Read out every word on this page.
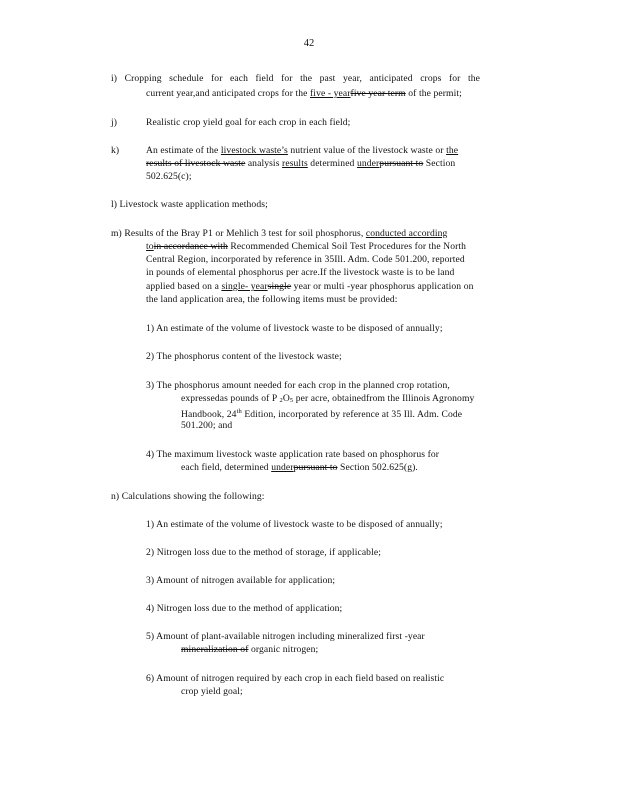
42
i) Cropping schedule for each field for the past year, anticipated crops for the
current year,and anticipated crops for the five - yearfive year term of the permit;
j)	Realistic crop yield goal for each crop in each field;
k)	An estimate of the livestock waste’s nutrient value of the livestock waste or the
results of livestock waste analysis results determined underpursuant to Section
502.625(c);
l) Livestock waste application methods;
m) Results of the Bray P1 or Mehlich 3 test for soil phosphorus, conducted according
toin accordance with Recommended Chemical Soil Test Procedures for the North
Central Region, incorporated by reference in 35Ill. Adm. Code 501.200, reported
in pounds of elemental phosphorus per acre.If the livestock waste is to be land
applied based on a single- yearsingle year or multi -year phosphorus application on
the land application area, the following items must be provided:
1) An estimate of the volume of livestock waste to be disposed of annually;
2) The phosphorus content of the livestock waste;
3) The phosphorus amount needed for each crop in the planned crop rotation,
expressedas pounds of P $_2O_5$ per acre, obtainedfrom the Illinois Agronomy
Handbook, 24th Edition, incorporated by reference at 35 Ill. Adm. Code
501.200; and
4) The maximum livestock waste application rate based on phosphorus for
each field, determined underpursuant to Section 502.625(g).
n) Calculations showing the following:
1) An estimate of the volume of livestock waste to be disposed of annually;
2) Nitrogen loss due to the method of storage, if applicable;
3) Amount of nitrogen available for application;
4) Nitrogen loss due to the method of application;
5) Amount of plant-available nitrogen including mineralized first -year
mineralization of organic nitrogen;
6) Amount of nitrogen required by each crop in each field based on realistic
crop yield goal;
